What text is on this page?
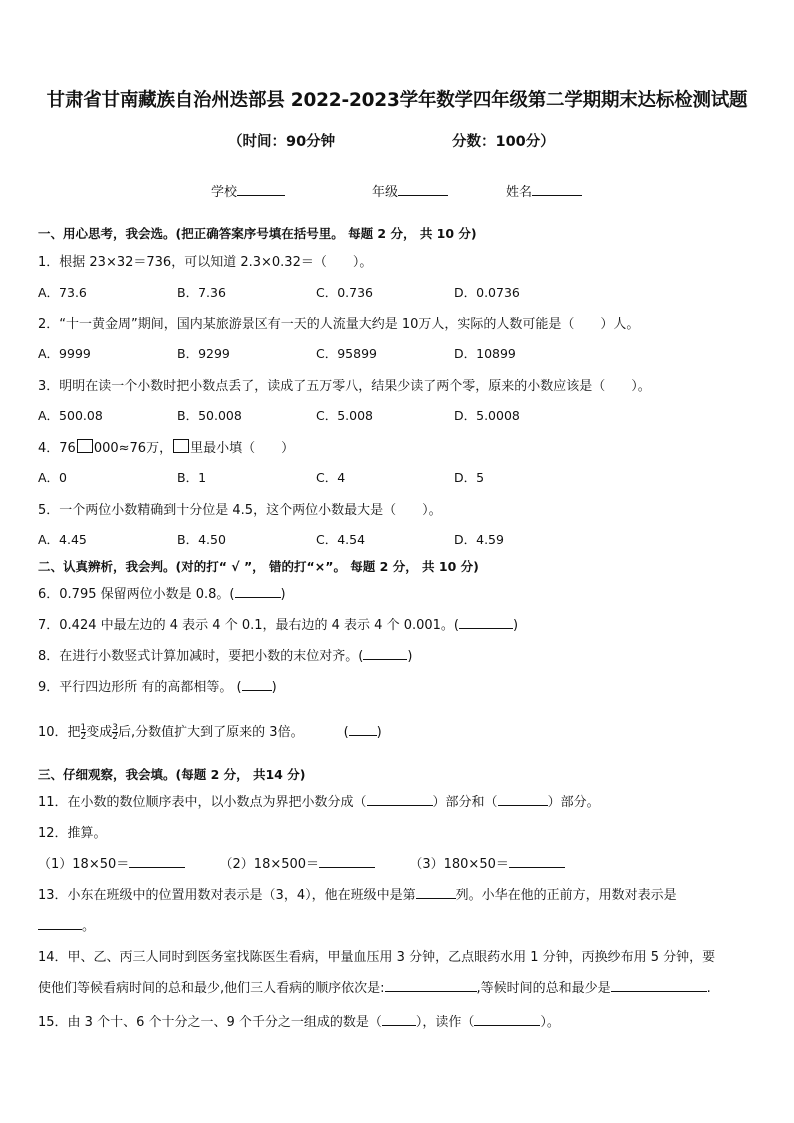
甘肃省甘南藏族自治州迭部县 2022-2023学年数学四年级第二学期期末达标检测试题
（时间：90分钟	分数：100分）
学校	年级	姓名
一、用心思考，我会选。(把正确答案序号填在括号里。 每题 2 分， 共 10 分)
1．根据 23×32＝736，可以知道 2.3×0.32＝（　　）。
A．73.6	B．7.36	C．0.736	D．0.0736
2．“十一黄金周”期间，国内某旅游景区有一天的人流量大约是 10万人，实际的人数可能是（　　）人。
A．9999	B．9299	C．95899	D．10899
3．明明在读一个小数时把小数点丢了，读成了五万零八，结果少读了两个零，原来的小数应该是（　　）。
A．500.08	B．50.008	C．5.008	D．5.0008
4．76 000≈76万， 里最小填（　　）
A．0	B．1	C．4	D．5
5．一个两位小数精确到十分位是 4.5，这个两位小数最大是（　　）。
A．4.45	B．4.50	C．4.54	D．4.59
二、认真辨析，我会判。(对的打“ √ ”， 错的打“×”。 每题 2 分， 共 10 分)
6．0.795 保留两位小数是 0.8。(	)
7．0.424 中最左边的 4 表示 4 个 0.1，最右边的 4 表示 4 个 0.001。(	)
8．在进行小数竖式计算加减时，要把小数的末位对齐。(	)
9．平行四边形所 有的高都相等。 ( )
10．把 $\frac{1}{2}$ 变成 $\frac{3}{2}$ 后,分数值扩大到了原来的 3倍。	( )
三、仔细观察，我会填。(每题 2 分， 共14 分)
11．在小数的数位顺序表中，以小数点为界把小数分成（	）部分和（	）部分。
12．推算。
（1）18×50＝	（2）18×500＝	（3）180×50＝
13．小东在班级中的位置用数对表示是（3，4），他在班级中是第	列。小华在他的正前方，用数对表示是
。
14．甲、乙、丙三人同时到医务室找陈医生看病，甲量血压用 3 分钟，乙点眼药水用 1 分钟，丙换纱布用 5 分钟，要
使他们等候看病时间的总和最少,他们三人看病的顺序依次是:	,等候时间的总和最少是	.
15．由 3 个十、6 个十分之一、9 个千分之一组成的数是（	），读作（	）。
